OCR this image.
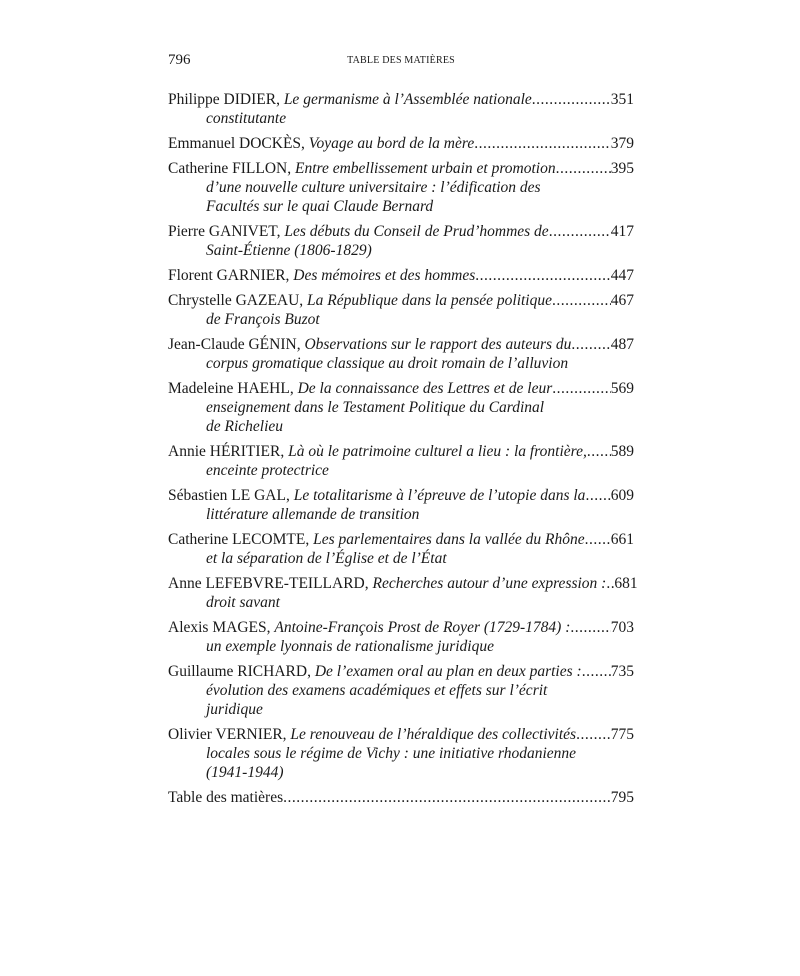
796	TABLE DES MATIÈRES
Philippe DIDIER, Le germanisme à l’Assemblée nationale .....	351
constitutante
Emmanuel DOCKÈS, Voyage au bord de la mère .....	379
Catherine FILLON, Entre embellissement urbain et promotion .....	395
d’une nouvelle culture universitaire : l’édification des
Facultés sur le quai Claude Bernard
Pierre GANIVET, Les débuts du Conseil de Prud’hommes de .....	417
Saint-Étienne (1806-1829)
Florent GARNIER, Des mémoires et des hommes .....	447
Chrystelle GAZEAU, La République dans la pensée politique .....	467
de François Buzot
Jean-Claude GÉNIN, Observations sur le rapport des auteurs du .....	487
corpus gromatique classique au droit romain de l’alluvion
Madeleine HAEHL, De la connaissance des Lettres et de leur .....	569
enseignement dans le Testament Politique du Cardinal
de Richelieu
Annie HÉRITIER, Là où le patrimoine culturel a lieu : la frontière, ..... 589
enceinte protectrice
Sébastien LE GAL, Le totalitarisme à l’épreuve de l’utopie dans la ..... 609
littérature allemande de transition
Catherine LECOMTE, Les parlementaires dans la vallée du Rhône ..... 661
et la séparation de l’Église et de l’État
Anne LEFEBVRE-TEILLARD, Recherches autour d’une expression : ..... 681
droit savant
Alexis MAGES, Antoine-François Prost de Royer (1729-1784) : .....	703
un exemple lyonnais de rationalisme juridique
Guillaume RICHARD, De l’examen oral au plan en deux parties : ..... 735
évolution des examens académiques et effets sur l’écrit
juridique
Olivier VERNIER, Le renouveau de l’héraldique des collectivités ..... 775
locales sous le régime de Vichy : une initiative rhodanienne
(1941-1944)
Table des matières .....	795
